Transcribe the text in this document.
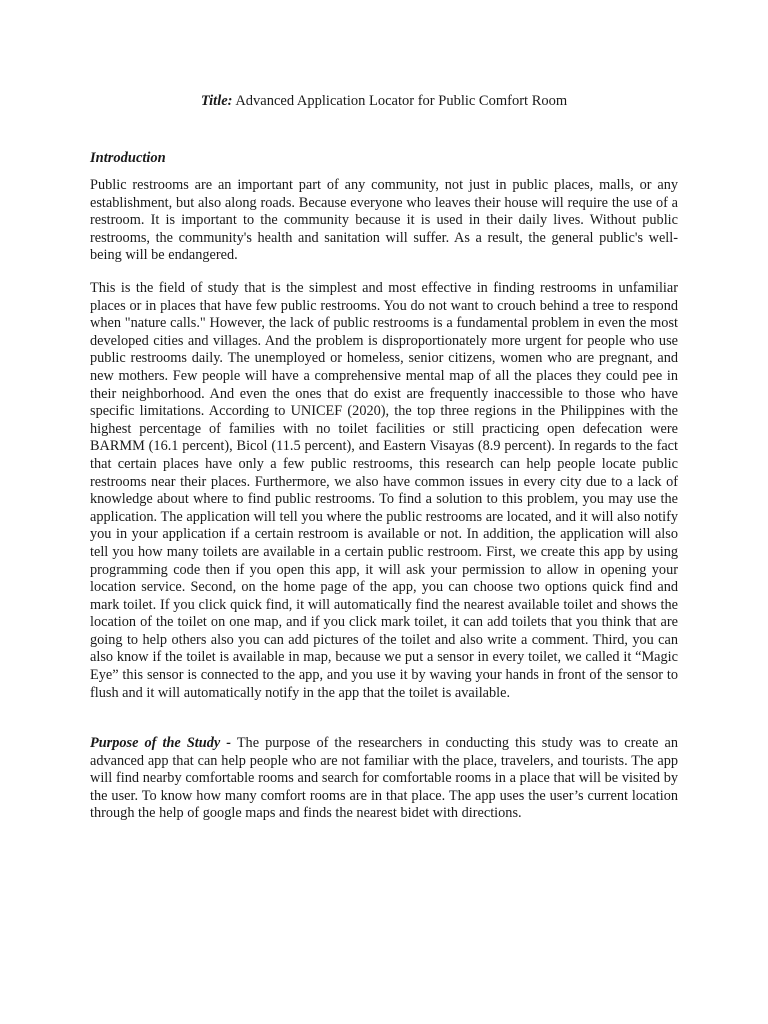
Title: Advanced Application Locator for Public Comfort Room

Introduction

Public restrooms are an important part of any community, not just in public places, malls, or any establishment, but also along roads. Because everyone who leaves their house will require the use of a restroom. It is important to the community because it is used in their daily lives. Without public restrooms, the community's health and sanitation will suffer. As a result, the general public's well-being will be endangered.

This is the field of study that is the simplest and most effective in finding restrooms in unfamiliar places or in places that have few public restrooms. You do not want to crouch behind a tree to respond when "nature calls." However, the lack of public restrooms is a fundamental problem in even the most developed cities and villages. And the problem is disproportionately more urgent for people who use public restrooms daily. The unemployed or homeless, senior citizens, women who are pregnant, and new mothers. Few people will have a comprehensive mental map of all the places they could pee in their neighborhood. And even the ones that do exist are frequently inaccessible to those who have specific limitations. According to UNICEF (2020), the top three regions in the Philippines with the highest percentage of families with no toilet facilities or still practicing open defecation were BARMM (16.1 percent), Bicol (11.5 percent), and Eastern Visayas (8.9 percent). In regards to the fact that certain places have only a few public restrooms, this research can help people locate public restrooms near their places. Furthermore, we also have common issues in every city due to a lack of knowledge about where to find public restrooms. To find a solution to this problem, you may use the application. The application will tell you where the public restrooms are located, and it will also notify you in your application if a certain restroom is available or not. In addition, the application will also tell you how many toilets are available in a certain public restroom. First, we create this app by using programming code then if you open this app, it will ask your permission to allow in opening your location service. Second, on the home page of the app, you can choose two options quick find and mark toilet. If you click quick find, it will automatically find the nearest available toilet and shows the location of the toilet on one map, and if you click mark toilet, it can add toilets that you think that are going to help others also you can add pictures of the toilet and also write a comment. Third, you can also know if the toilet is available in map, because we put a sensor in every toilet, we called it “Magic Eye” this sensor is connected to the app, and you use it by waving your hands in front of the sensor to flush and it will automatically notify in the app that the toilet is available.

Purpose of the Study - The purpose of the researchers in conducting this study was to create an advanced app that can help people who are not familiar with the place, travelers, and tourists. The app will find nearby comfortable rooms and search for comfortable rooms in a place that will be visited by the user. To know how many comfort rooms are in that place. The app uses the user’s current location through the help of google maps and finds the nearest bidet with directions.
